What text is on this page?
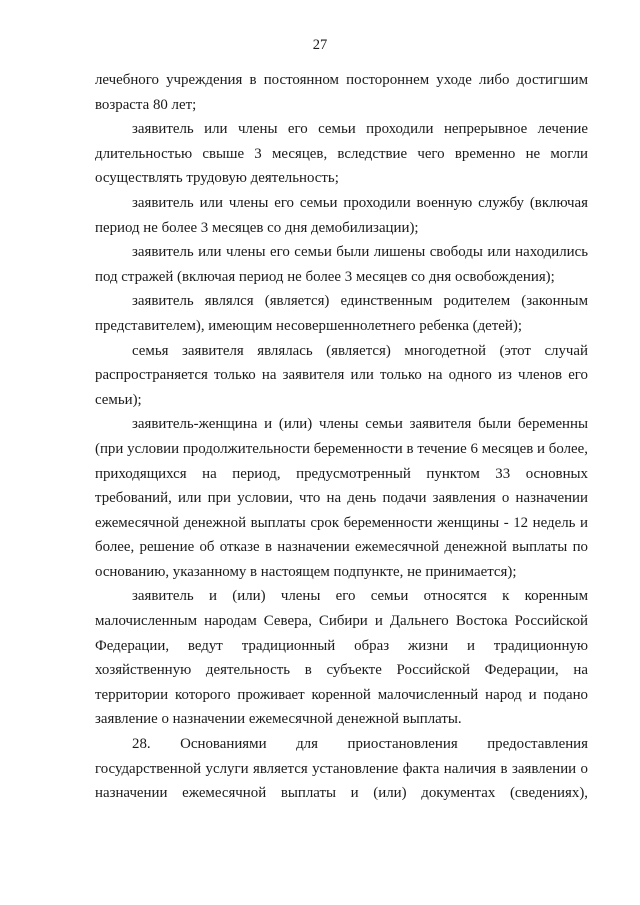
27

лечебного учреждения в постоянном постороннем уходе либо достигшим возраста 80 лет;

заявитель или члены его семьи проходили непрерывное лечение длительностью свыше 3 месяцев, вследствие чего временно не могли осуществлять трудовую деятельность;

заявитель или члены его семьи проходили военную службу (включая период не более 3 месяцев со дня демобилизации);

заявитель или члены его семьи были лишены свободы или находились под стражей (включая период не более 3 месяцев со дня освобождения);

заявитель являлся (является) единственным родителем (законным представителем), имеющим несовершеннолетнего ребенка (детей);

семья заявителя являлась (является) многодетной (этот случай распространяется только на заявителя или только на одного из членов его семьи);

заявитель-женщина и (или) члены семьи заявителя были беременны (при условии продолжительности беременности в течение 6 месяцев и более, приходящихся на период, предусмотренный пунктом 33 основных требований, или при условии, что на день подачи заявления о назначении ежемесячной денежной выплаты срок беременности женщины - 12 недель и более, решение об отказе в назначении ежемесячной денежной выплаты по основанию, указанному в настоящем подпункте, не принимается);

заявитель и (или) члены его семьи относятся к коренным малочисленным народам Севера, Сибири и Дальнего Востока Российской Федерации, ведут традиционный образ жизни и традиционную хозяйственную деятельность в субъекте Российской Федерации, на территории которого проживает коренной малочисленный народ и подано заявление о назначении ежемесячной денежной выплаты.

28. Основаниями для приостановления предоставления государственной услуги является установление факта наличия в заявлении о назначении ежемесячной выплаты и (или) документах (сведениях),
